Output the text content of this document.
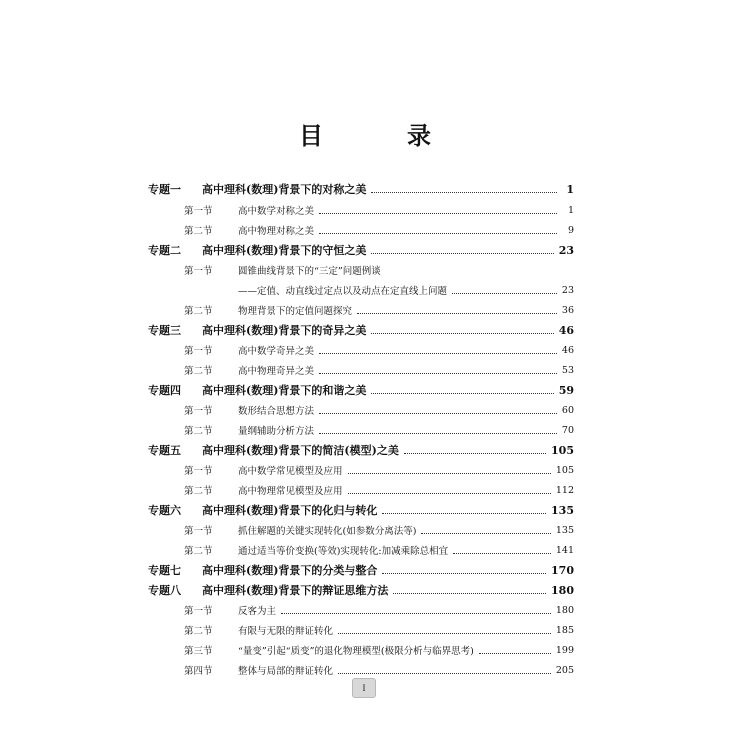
目　录
专题一	高中理科(数理)背景下的对称之美	1
第一节	高中数学对称之美	1
第二节	高中物理对称之美	9
专题二	高中理科(数理)背景下的守恒之美	23
第一节	圆锥曲线背景下的“三定”问题例谈
——定值、动直线过定点以及动点在定直线上问题	23
第二节	物理背景下的定值问题探究	36
专题三	高中理科(数理)背景下的奇异之美	46
第一节	高中数学奇异之美	46
第二节	高中物理奇异之美	53
专题四	高中理科(数理)背景下的和谐之美	59
第一节	数形结合思想方法	60
第二节	量纲辅助分析方法	70
专题五	高中理科(数理)背景下的简洁(模型)之美	105
第一节	高中数学常见模型及应用	105
第二节	高中物理常见模型及应用	112
专题六	高中理科(数理)背景下的化归与转化	135
第一节	抓住解题的关键实现转化(如参数分离法等)	135
第二节	通过适当等价变换(等效)实现转化:加减乘除总相宜	141
专题七	高中理科(数理)背景下的分类与整合	170
专题八	高中理科(数理)背景下的辩证思维方法	180
第一节	反客为主	180
第二节	有限与无限的辩证转化	185
第三节	“量变”引起“质变”的退化物理模型(极限分析与临界思考)	199
第四节	整体与局部的辩证转化	205
I
